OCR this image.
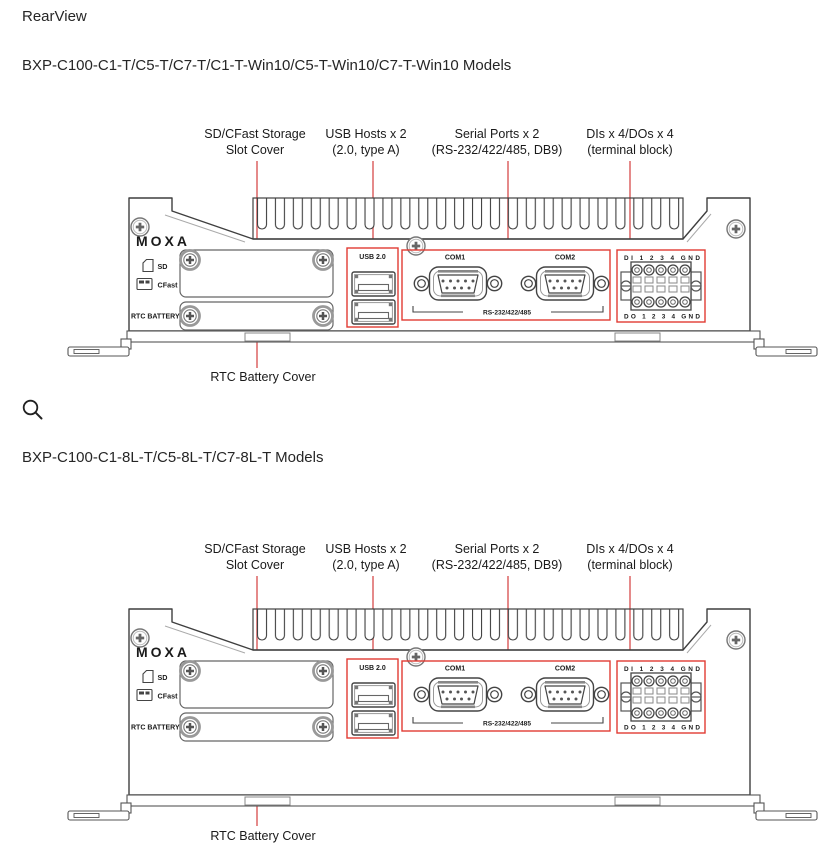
RearView
BXP-C100-C1-T/C5-T/C7-T/C1-T-Win10/C5-T-Win10/C7-T-Win10 Models
SD/CFast Storage
Slot Cover
USB Hosts x 2
(2.0, type A)
Serial Ports x 2
(RS-232/422/485, DB9)
DIs x 4/DOs x 4
(terminal block)
MOXA
SD
CFast
RTC BATTERY
USB 2.0	COM1	COM2
RS-232/422/485
DI 1 2 3 4 GND
DO 1 2 3 4 GND
RTC Battery Cover
BXP-C100-C1-8L-T/C5-8L-T/C7-8L-T Models
SD/CFast Storage
Slot Cover
USB Hosts x 2
(2.0, type A)
Serial Ports x 2
(RS-232/422/485, DB9)
DIs x 4/DOs x 4
(terminal block)
MOXA
SD
CFast
RTC BATTERY
USB 2.0	COM1	COM2
RS-232/422/485
DI 1 2 3 4 GND
DO 1 2 3 4 GND
RTC Battery Cover
